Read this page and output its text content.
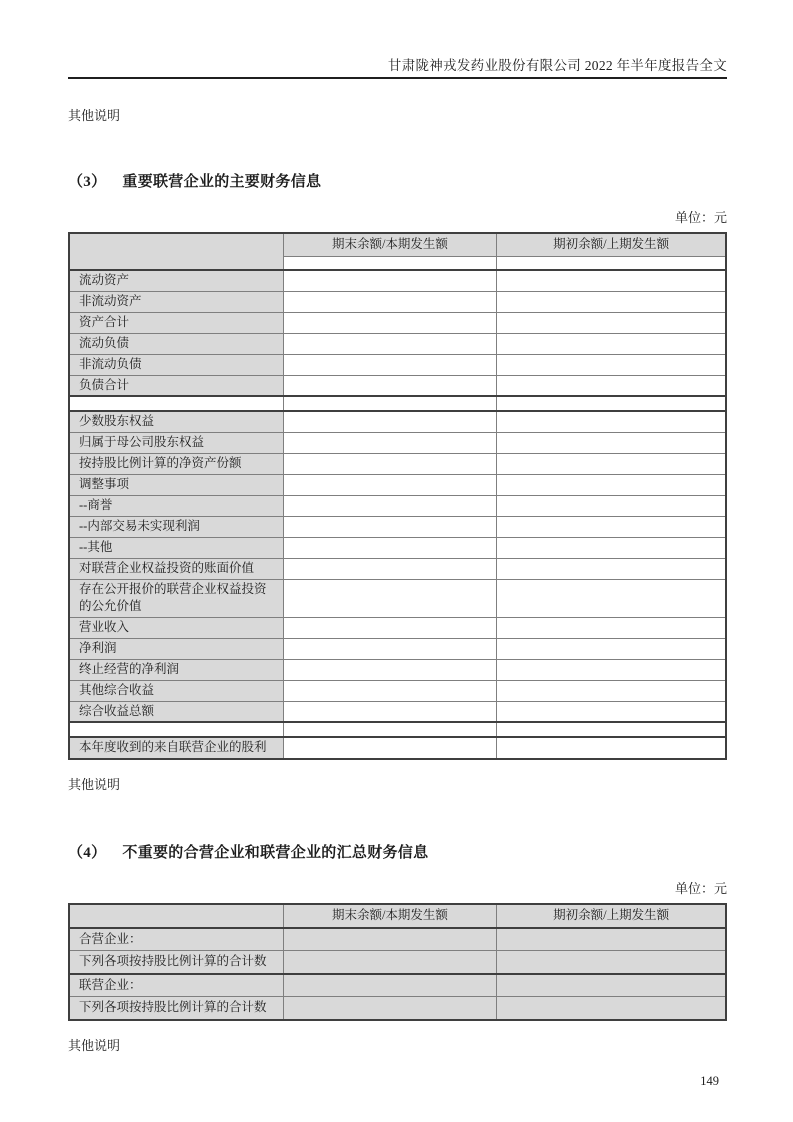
甘肃陇神戎发药业股份有限公司 2022 年半年度报告全文

其他说明

（3） 重要联营企业的主要财务信息
单位：元
	期末余额/本期发生额	期初余额/上期发生额

流动资产		
非流动资产		
资产合计		
流动负债		
非流动负债		
负债合计		

少数股东权益		
归属于母公司股东权益		
按持股比例计算的净资产份额		
调整事项		
--商誉		
--内部交易未实现利润		
--其他		
对联营企业权益投资的账面价值		
存在公开报价的联营企业权益投资的公允价值		
营业收入		
净利润		
终止经营的净利润		
其他综合收益		
综合收益总额		

本年度收到的来自联营企业的股利		

其他说明

（4） 不重要的合营企业和联营企业的汇总财务信息
单位：元
	期末余额/本期发生额	期初余额/上期发生额
合营企业：		
下列各项按持股比例计算的合计数		
联营企业：		
下列各项按持股比例计算的合计数		

其他说明

149
